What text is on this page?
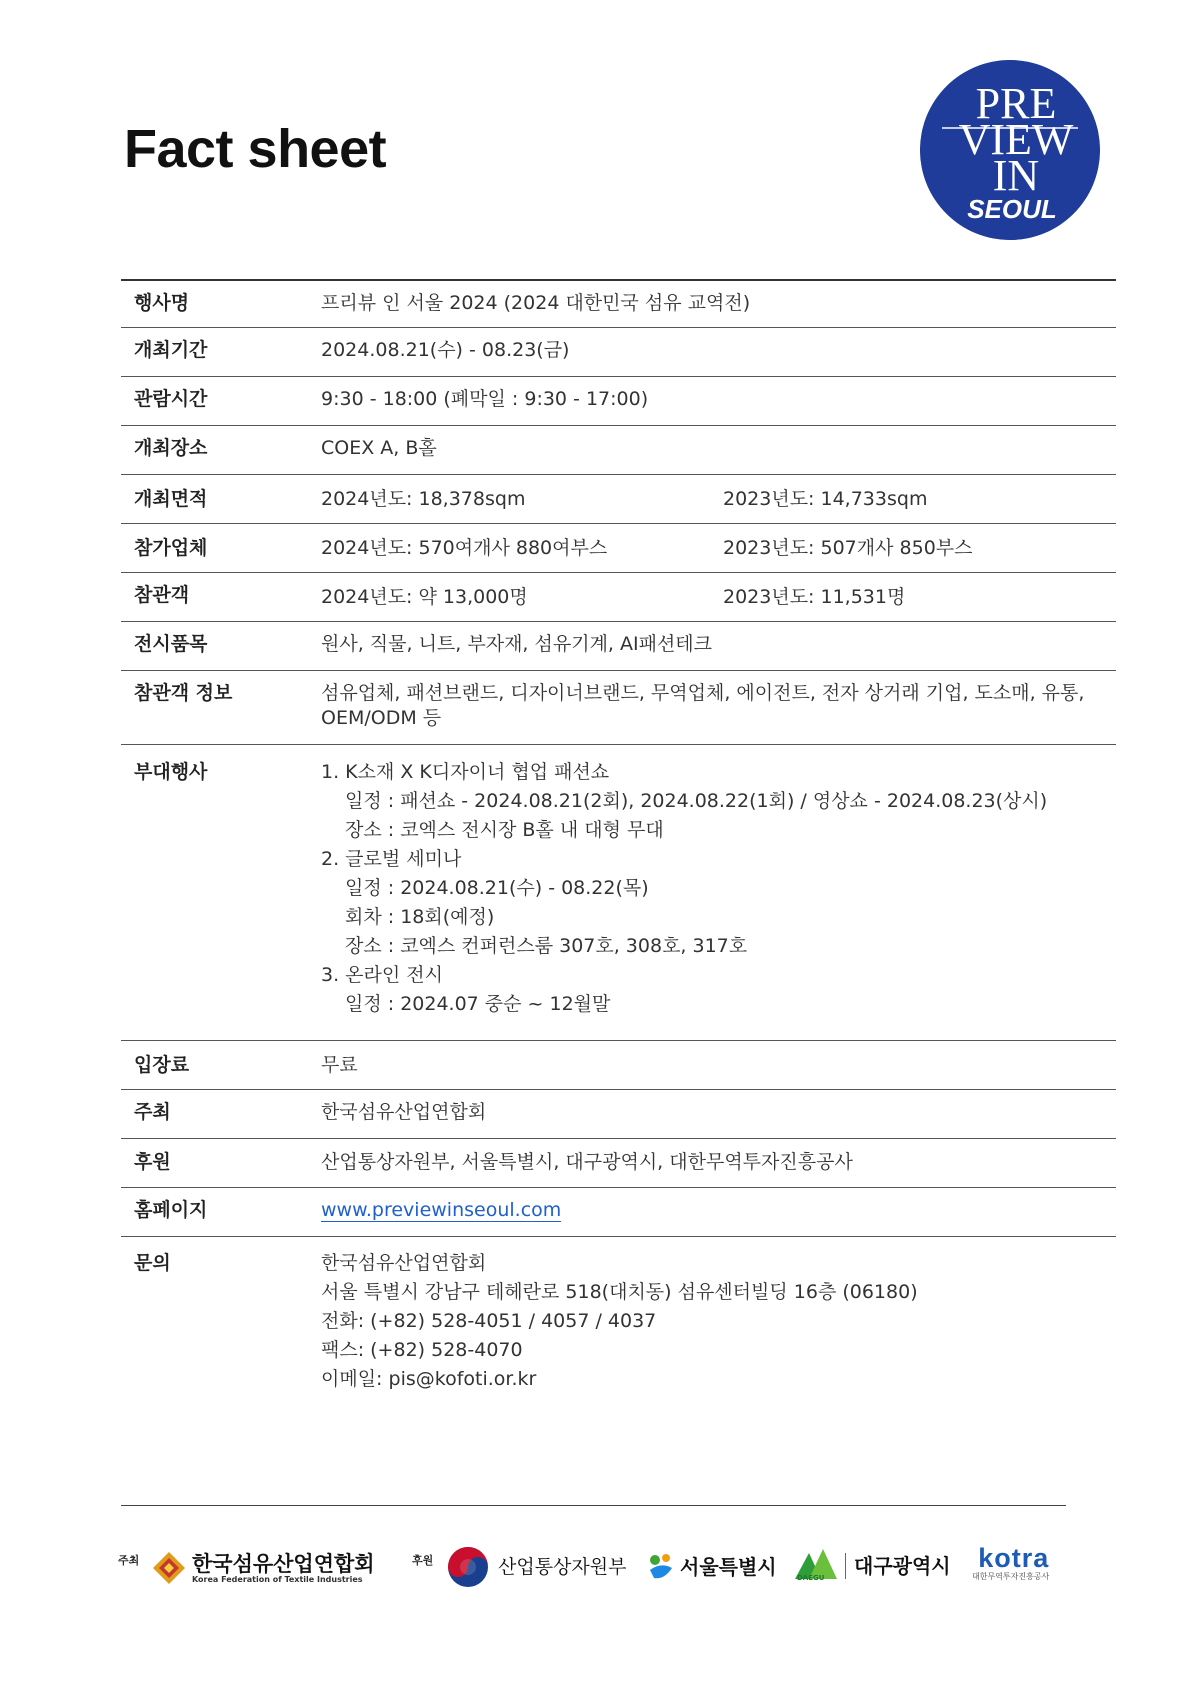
Fact sheet
PRE
VIEW
IN
SEOUL
행사명	프리뷰 인 서울 2024 (2024 대한민국 섬유 교역전)
개최기간	2024.08.21(수) - 08.23(금)
관람시간	9:30 - 18:00 (폐막일 : 9:30 - 17:00)
개최장소	COEX A, B홀
개최면적	2024년도: 18,378sqm	2023년도: 14,733sqm
참가업체	2024년도: 570여개사 880여부스	2023년도: 507개사 850부스
참관객	2024년도: 약 13,000명	2023년도: 11,531명
전시품목	원사, 직물, 니트, 부자재, 섬유기계, AI패션테크
참관객 정보	섬유업체, 패션브랜드, 디자이너브랜드, 무역업체, 에이전트, 전자 상거래 기업, 도소매, 유통,
OEM/ODM 등
부대행사	1. K소재 X K디자이너 협업 패션쇼
일정 : 패션쇼 - 2024.08.21(2회), 2024.08.22(1회) / 영상쇼 - 2024.08.23(상시)
장소 : 코엑스 전시장 B홀 내 대형 무대
2. 글로벌 세미나
일정 : 2024.08.21(수) - 08.22(목)
회차 : 18회(예정)
장소 : 코엑스 컨퍼런스룸 307호, 308호, 317호
3. 온라인 전시
일정 : 2024.07 중순 ~ 12월말
입장료	무료
주최	한국섬유산업연합회
후원	산업통상자원부, 서울특별시, 대구광역시, 대한무역투자진흥공사
홈페이지	www.previewinseoul.com
문의	한국섬유산업연합회
서울 특별시 강남구 테헤란로 518(대치동) 섬유센터빌딩 16층 (06180)
전화: (+82) 528-4051 / 4057 / 4037
팩스: (+82) 528-4070
이메일: pis@kofoti.or.kr
주최	한국섬유산업연합회
Korea Federation of Textile Industries
후원	산업통상자원부	서울특별시	DAEGU 대구광역시 kotra
대한무역투자진흥공사
